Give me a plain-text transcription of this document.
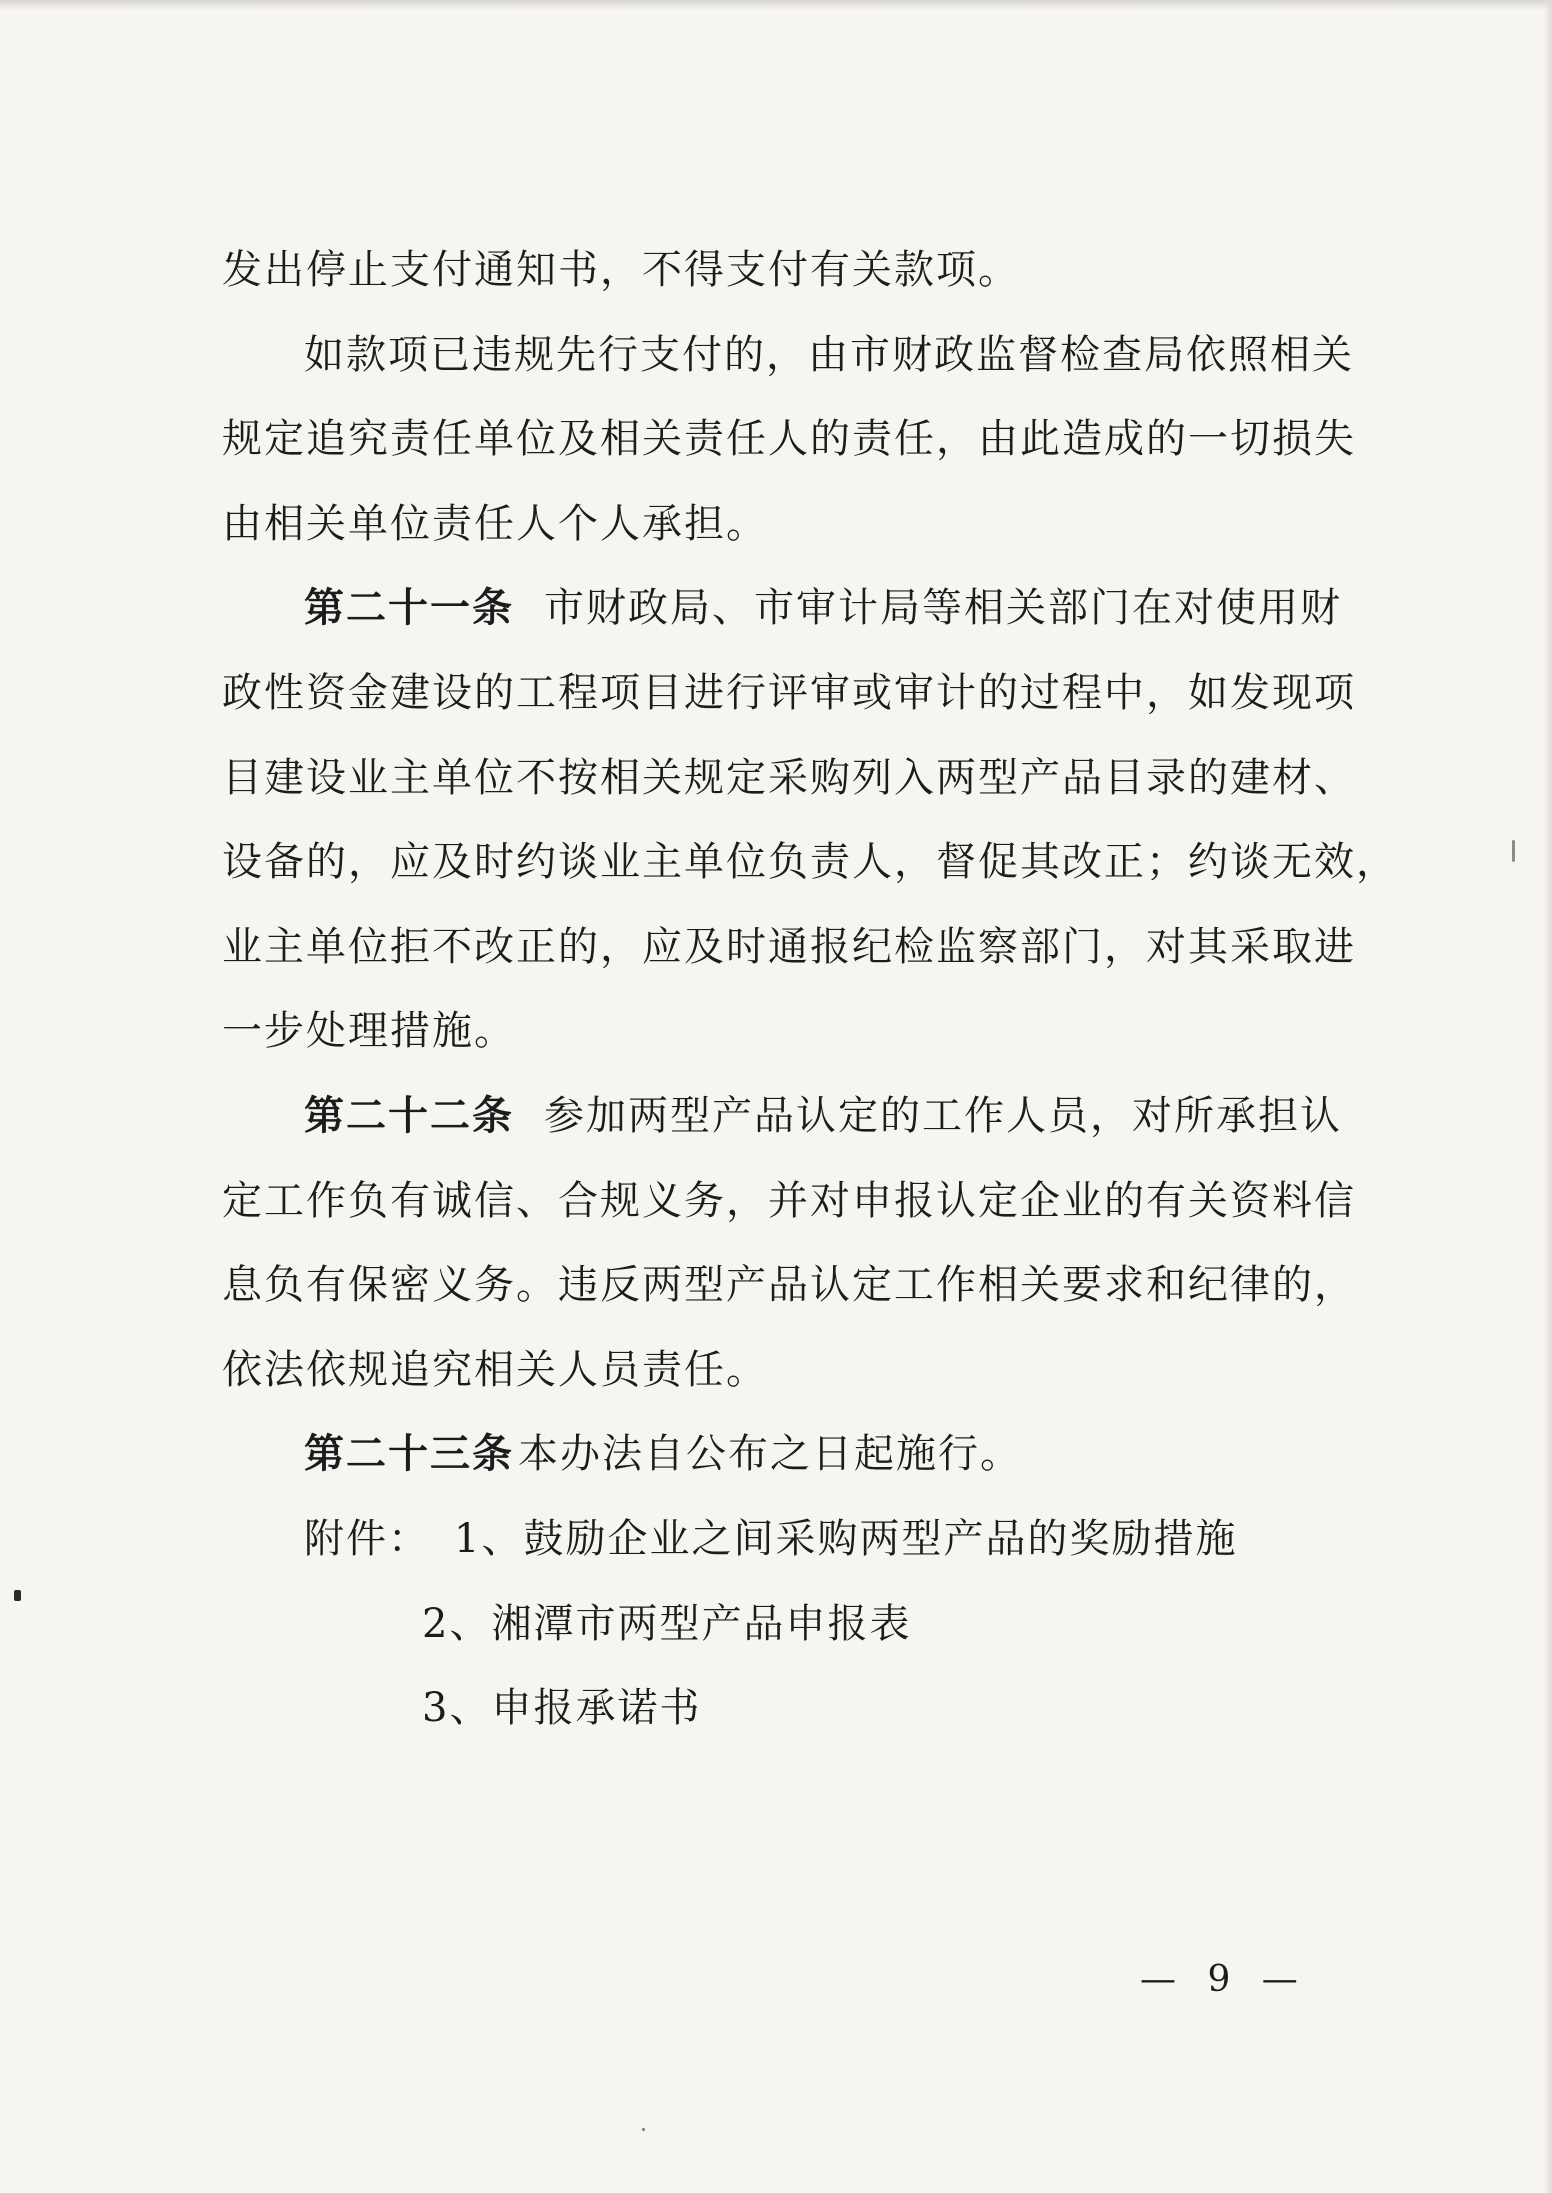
发出停止支付通知书，不得支付有关款项。
如款项已违规先行支付的，由市财政监督检查局依照相关
规定追究责任单位及相关责任人的责任，由此造成的一切损失
由相关单位责任人个人承担。
第二十一条 市财政局、市审计局等相关部门在对使用财
政性资金建设的工程项目进行评审或审计的过程中，如发现项
目建设业主单位不按相关规定采购列入两型产品目录的建材、
设备的，应及时约谈业主单位负责人，督促其改正；约谈无效，
业主单位拒不改正的，应及时通报纪检监察部门，对其采取进
一步处理措施。
第二十二条 参加两型产品认定的工作人员，对所承担认
定工作负有诚信、合规义务，并对申报认定企业的有关资料信
息负有保密义务。违反两型产品认定工作相关要求和纪律的，
依法依规追究相关人员责任。
第二十三条 本办法自公布之日起施行。
附件： 1、鼓励企业之间采购两型产品的奖励措施
2、湘潭市两型产品申报表
3、申报承诺书
— 9 —
